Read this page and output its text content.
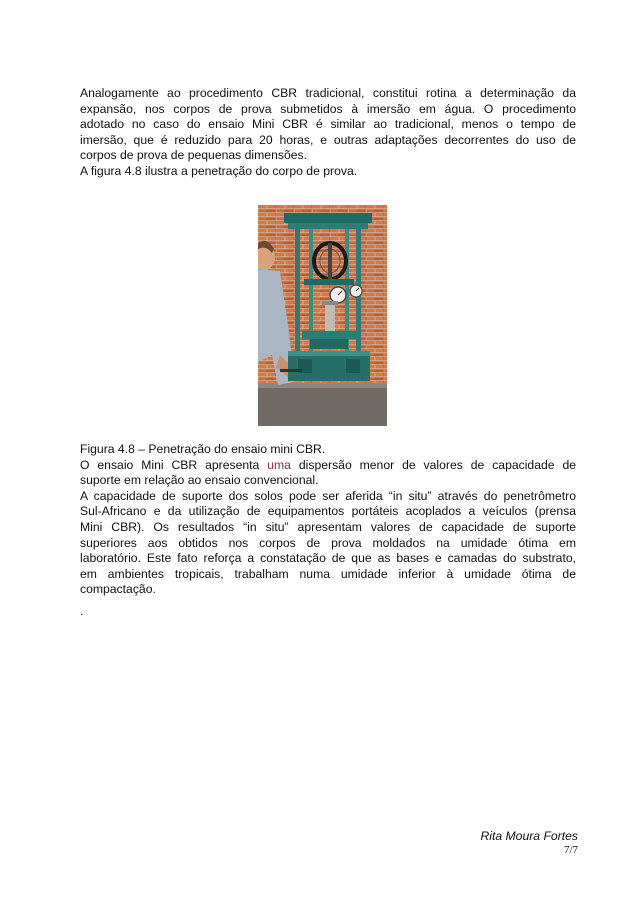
Analogamente ao procedimento CBR tradicional, constitui rotina a determinação da
expansão, nos corpos de prova submetidos à imersão em água. O procedimento
adotado no caso do ensaio Mini CBR é similar ao tradicional, menos o tempo de
imersão, que é reduzido para 20 horas, e outras adaptações decorrentes do uso de
corpos de prova de pequenas dimensões.
A figura 4.8 ilustra a penetração do corpo de prova.
Figura 4.8 – Penetração do ensaio mini CBR.
O ensaio Mini CBR apresenta uma dispersão menor de valores de capacidade de
suporte em relação ao ensaio convencional.
A capacidade de suporte dos solos pode ser aferida “in situ” através do penetrômetro
Sul-Africano e da utilização de equipamentos portáteis acoplados a veículos (prensa
Mini CBR). Os resultados “in situ” apresentam valores de capacidade de suporte
superiores aos obtidos nos corpos de prova moldados na umidade ótima em
laboratório. Este fato reforça a constatação de que as bases e camadas do substrato,
em ambientes tropicais, trabalham numa umidade inferior à umidade ótima de
compactação.
.
Rita Moura Fortes
7/7
